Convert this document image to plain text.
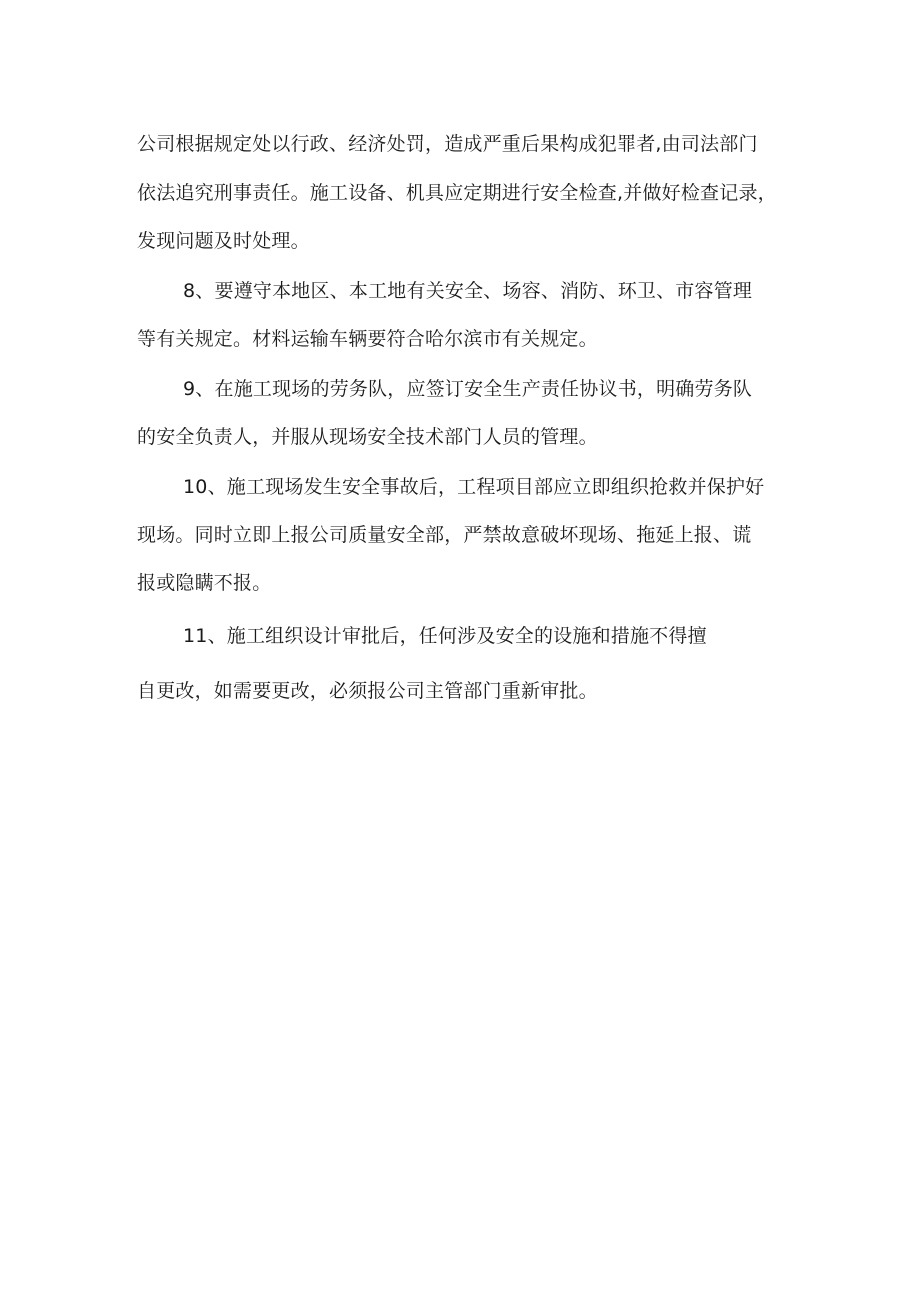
公司根据规定处以行政、经济处罚，造成严重后果构成犯罪者,由司法部门
依法追究刑事责任。施工设备、机具应定期进行安全检查,并做好检查记录，
发现问题及时处理。
8、要遵守本地区、本工地有关安全、场容、消防、环卫、市容管理
等有关规定。材料运输车辆要符合哈尔滨市有关规定。
9、在施工现场的劳务队，应签订安全生产责任协议书，明确劳务队
的安全负责人，并服从现场安全技术部门人员的管理。
10、施工现场发生安全事故后，工程项目部应立即组织抢救并保护好
现场。同时立即上报公司质量安全部，严禁故意破坏现场、拖延上报、谎
报或隐瞒不报。
11、施工组织设计审批后，任何涉及安全的设施和措施不得擅
自更改，如需要更改，必须报公司主管部门重新审批。
